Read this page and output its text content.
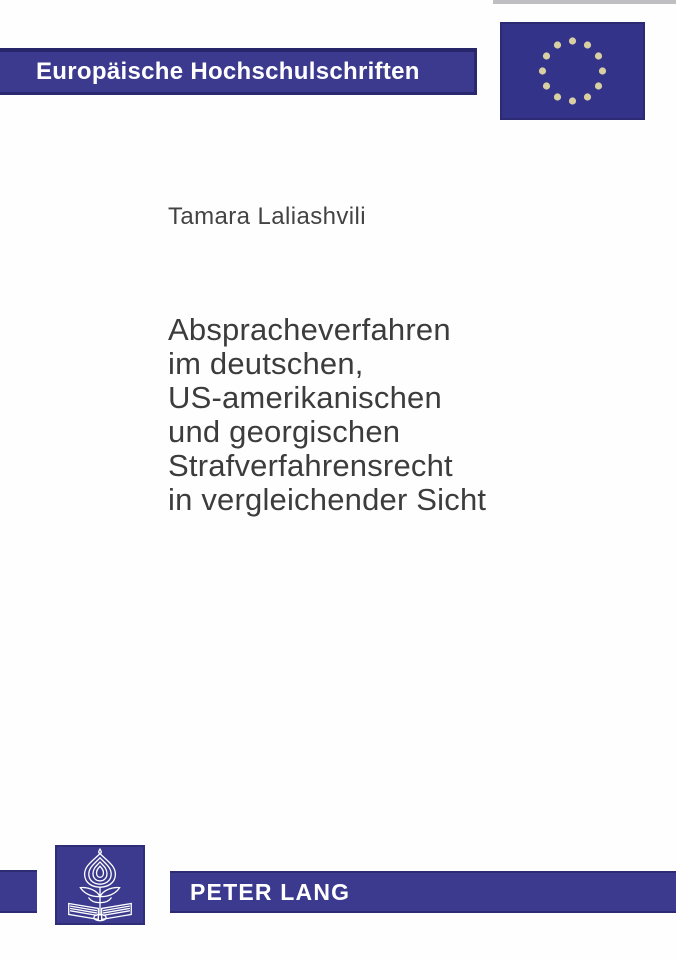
Europäische Hochschulschriften
Tamara Laliashvili
Abspracheverfahren
im deutschen,
US-amerikanischen
und georgischen
Strafverfahrensrecht
in vergleichender Sicht
PETER LANG
